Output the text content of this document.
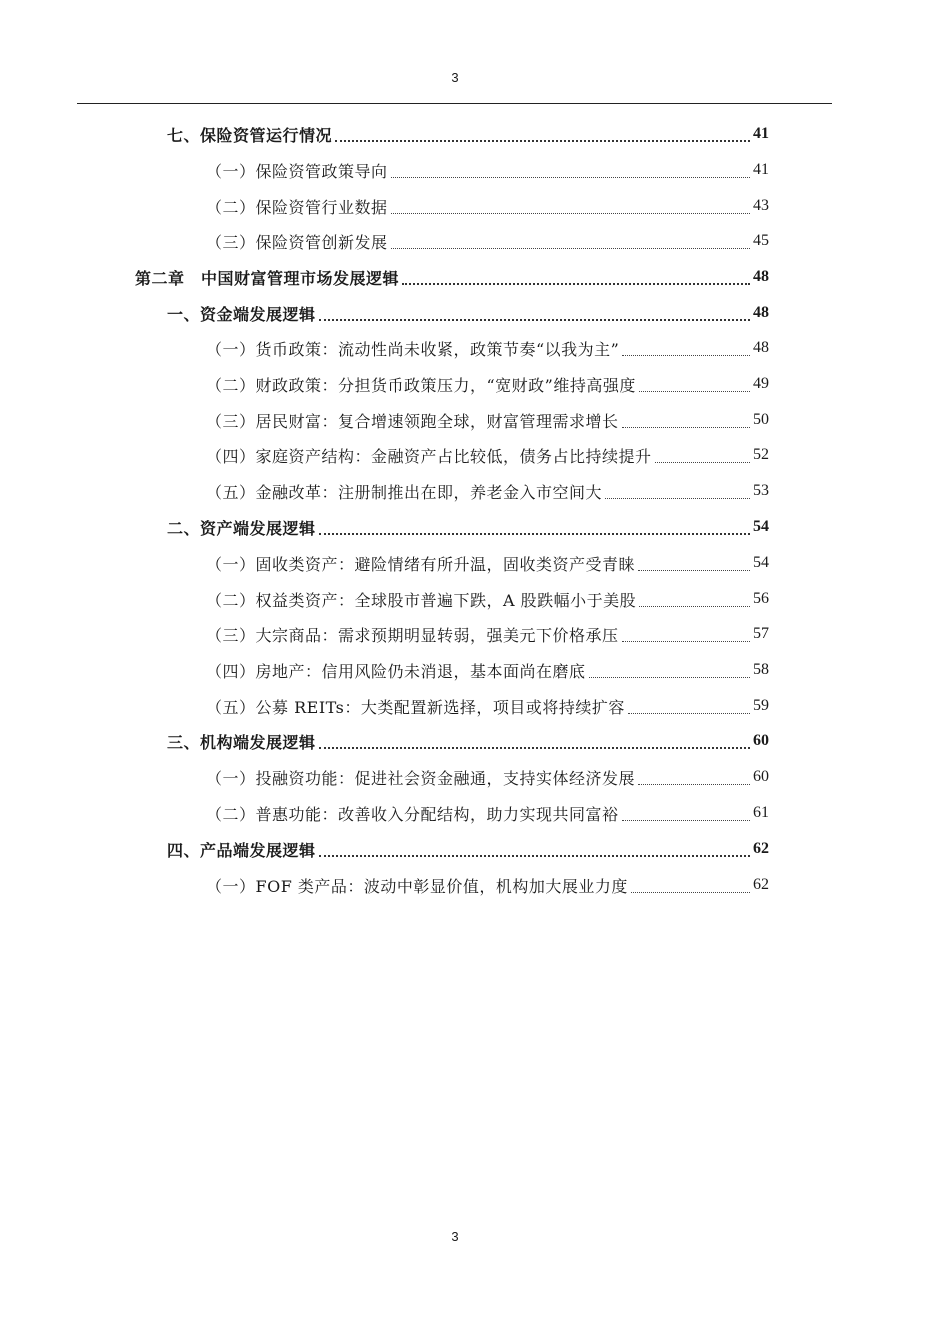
3
七、保险资管运行情况	41
（一）保险资管政策导向	41
（二）保险资管行业数据	43
（三）保险资管创新发展	45
第二章　中国财富管理市场发展逻辑	48
一、资金端发展逻辑	48
（一）货币政策：流动性尚未收紧，政策节奏“以我为主”	48
（二）财政政策：分担货币政策压力，“宽财政”维持高强度	49
（三）居民财富：复合增速领跑全球，财富管理需求增长	50
（四）家庭资产结构：金融资产占比较低，债务占比持续提升	52
（五）金融改革：注册制推出在即，养老金入市空间大	53
二、资产端发展逻辑	54
（一）固收类资产：避险情绪有所升温，固收类资产受青睐	54
（二）权益类资产：全球股市普遍下跌，A 股跌幅小于美股	56
（三）大宗商品：需求预期明显转弱，强美元下价格承压	57
（四）房地产：信用风险仍未消退，基本面尚在磨底	58
（五）公募 REITs：大类配置新选择，项目或将持续扩容	59
三、机构端发展逻辑	60
（一）投融资功能：促进社会资金融通，支持实体经济发展	60
（二）普惠功能：改善收入分配结构，助力实现共同富裕	61
四、产品端发展逻辑	62
（一）FOF 类产品：波动中彰显价值，机构加大展业力度	62
3
